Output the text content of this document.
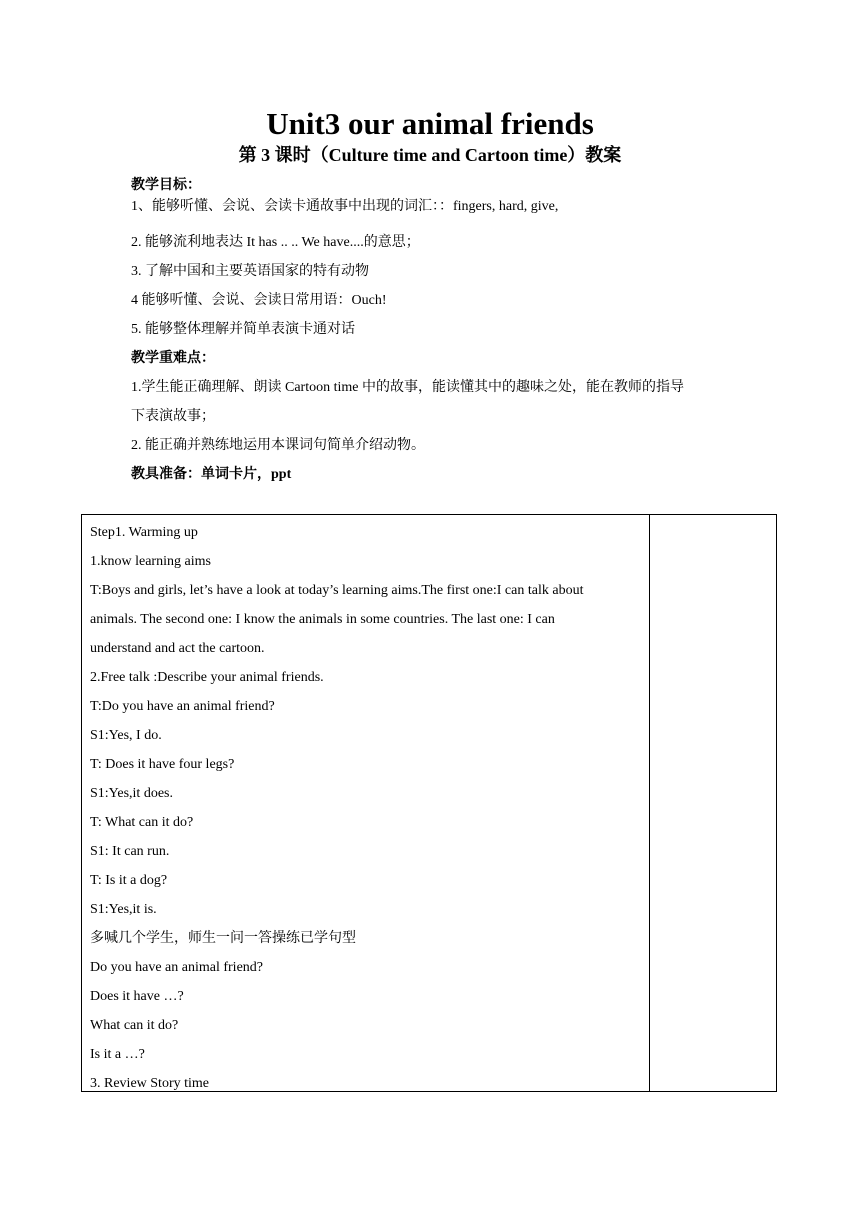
Unit3 our animal friends
第 3 课时（Culture time and Cartoon time）教案
教学目标：
1、能够听懂、会说、会读卡通故事中出现的词汇：：fingers, hard, give,
2. 能够流利地表达 It has .. .. We have....的意思；
3. 了解中国和主要英语国家的特有动物
4 能够听懂、会说、会读日常用语：Ouch!
5. 能够整体理解并简单表演卡通对话
教学重难点：
1.学生能正确理解、朗读 Cartoon time 中的故事，能读懂其中的趣味之处，能在教师的指导
下表演故事；
2. 能正确并熟练地运用本课词句简单介绍动物。
教具准备：单词卡片，ppt
Step1. Warming up
1.know learning aims
T:Boys and girls, let’s have a look at today’s learning aims.The first one:I can talk about
animals. The second one: I know the animals in some countries. The last one: I can
understand and act the cartoon.
2.Free talk :Describe your animal friends.
T:Do you have an animal friend?
S1:Yes, I do.
T: Does it have four legs?
S1:Yes,it does.
T: What can it do?
S1: It can run.
T: Is it a dog?
S1:Yes,it is.
多喊几个学生，师生一问一答操练已学句型
Do you have an animal friend?
Does it have …?
What can it do?
Is it a …?
3. Review Story time
